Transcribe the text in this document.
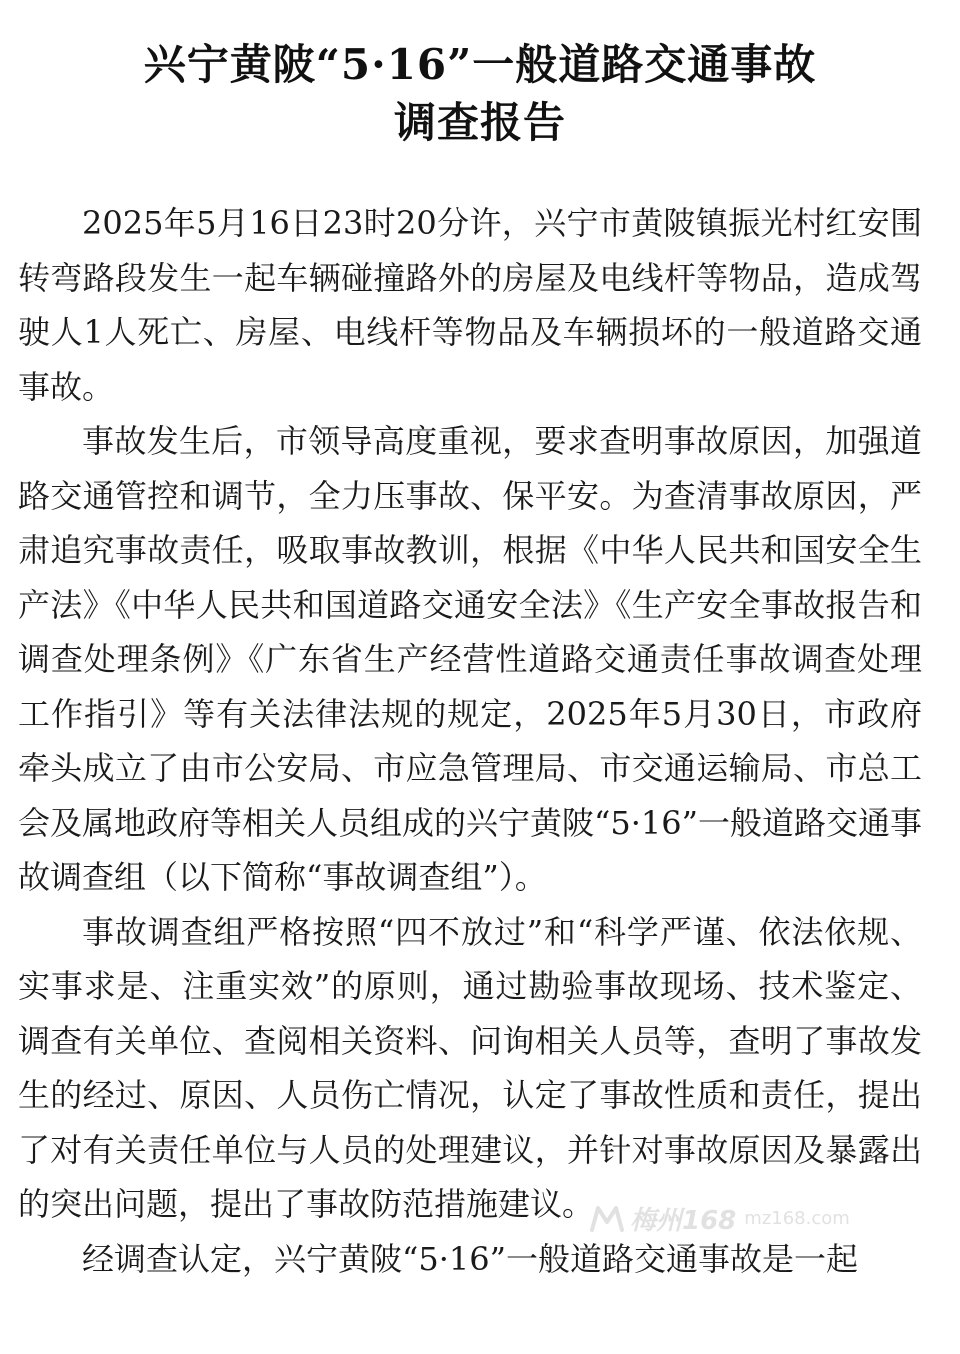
兴宁黄陂“5·16”一般道路交通事故
调查报告

2025年5月16日23时20分许，兴宁市黄陂镇振光村红安围转弯路段发生一起车辆碰撞路外的房屋及电线杆等物品，造成驾驶人1人死亡、房屋、电线杆等物品及车辆损坏的一般道路交通事故。

事故发生后，市领导高度重视，要求查明事故原因，加强道路交通管控和调节，全力压事故、保平安。为查清事故原因，严肃追究事故责任，吸取事故教训，根据《中华人民共和国安全生产法》《中华人民共和国道路交通安全法》《生产安全事故报告和调查处理条例》《广东省生产经营性道路交通责任事故调查处理工作指引》等有关法律法规的规定，2025年5月30日，市政府牵头成立了由市公安局、市应急管理局、市交通运输局、市总工会及属地政府等相关人员组成的兴宁黄陂“5·16”一般道路交通事故调查组（以下简称“事故调查组”）。

事故调查组严格按照“四不放过”和“科学严谨、依法依规、实事求是、注重实效”的原则，通过勘验事故现场、技术鉴定、调查有关单位、查阅相关资料、问询相关人员等，查明了事故发生的经过、原因、人员伤亡情况，认定了事故性质和责任，提出了对有关责任单位与人员的处理建议，并针对事故原因及暴露出的突出问题，提出了事故防范措施建议。

经调查认定，兴宁黄陂“5·16”一般道路交通事故是一起

梅州168 mz168.com
